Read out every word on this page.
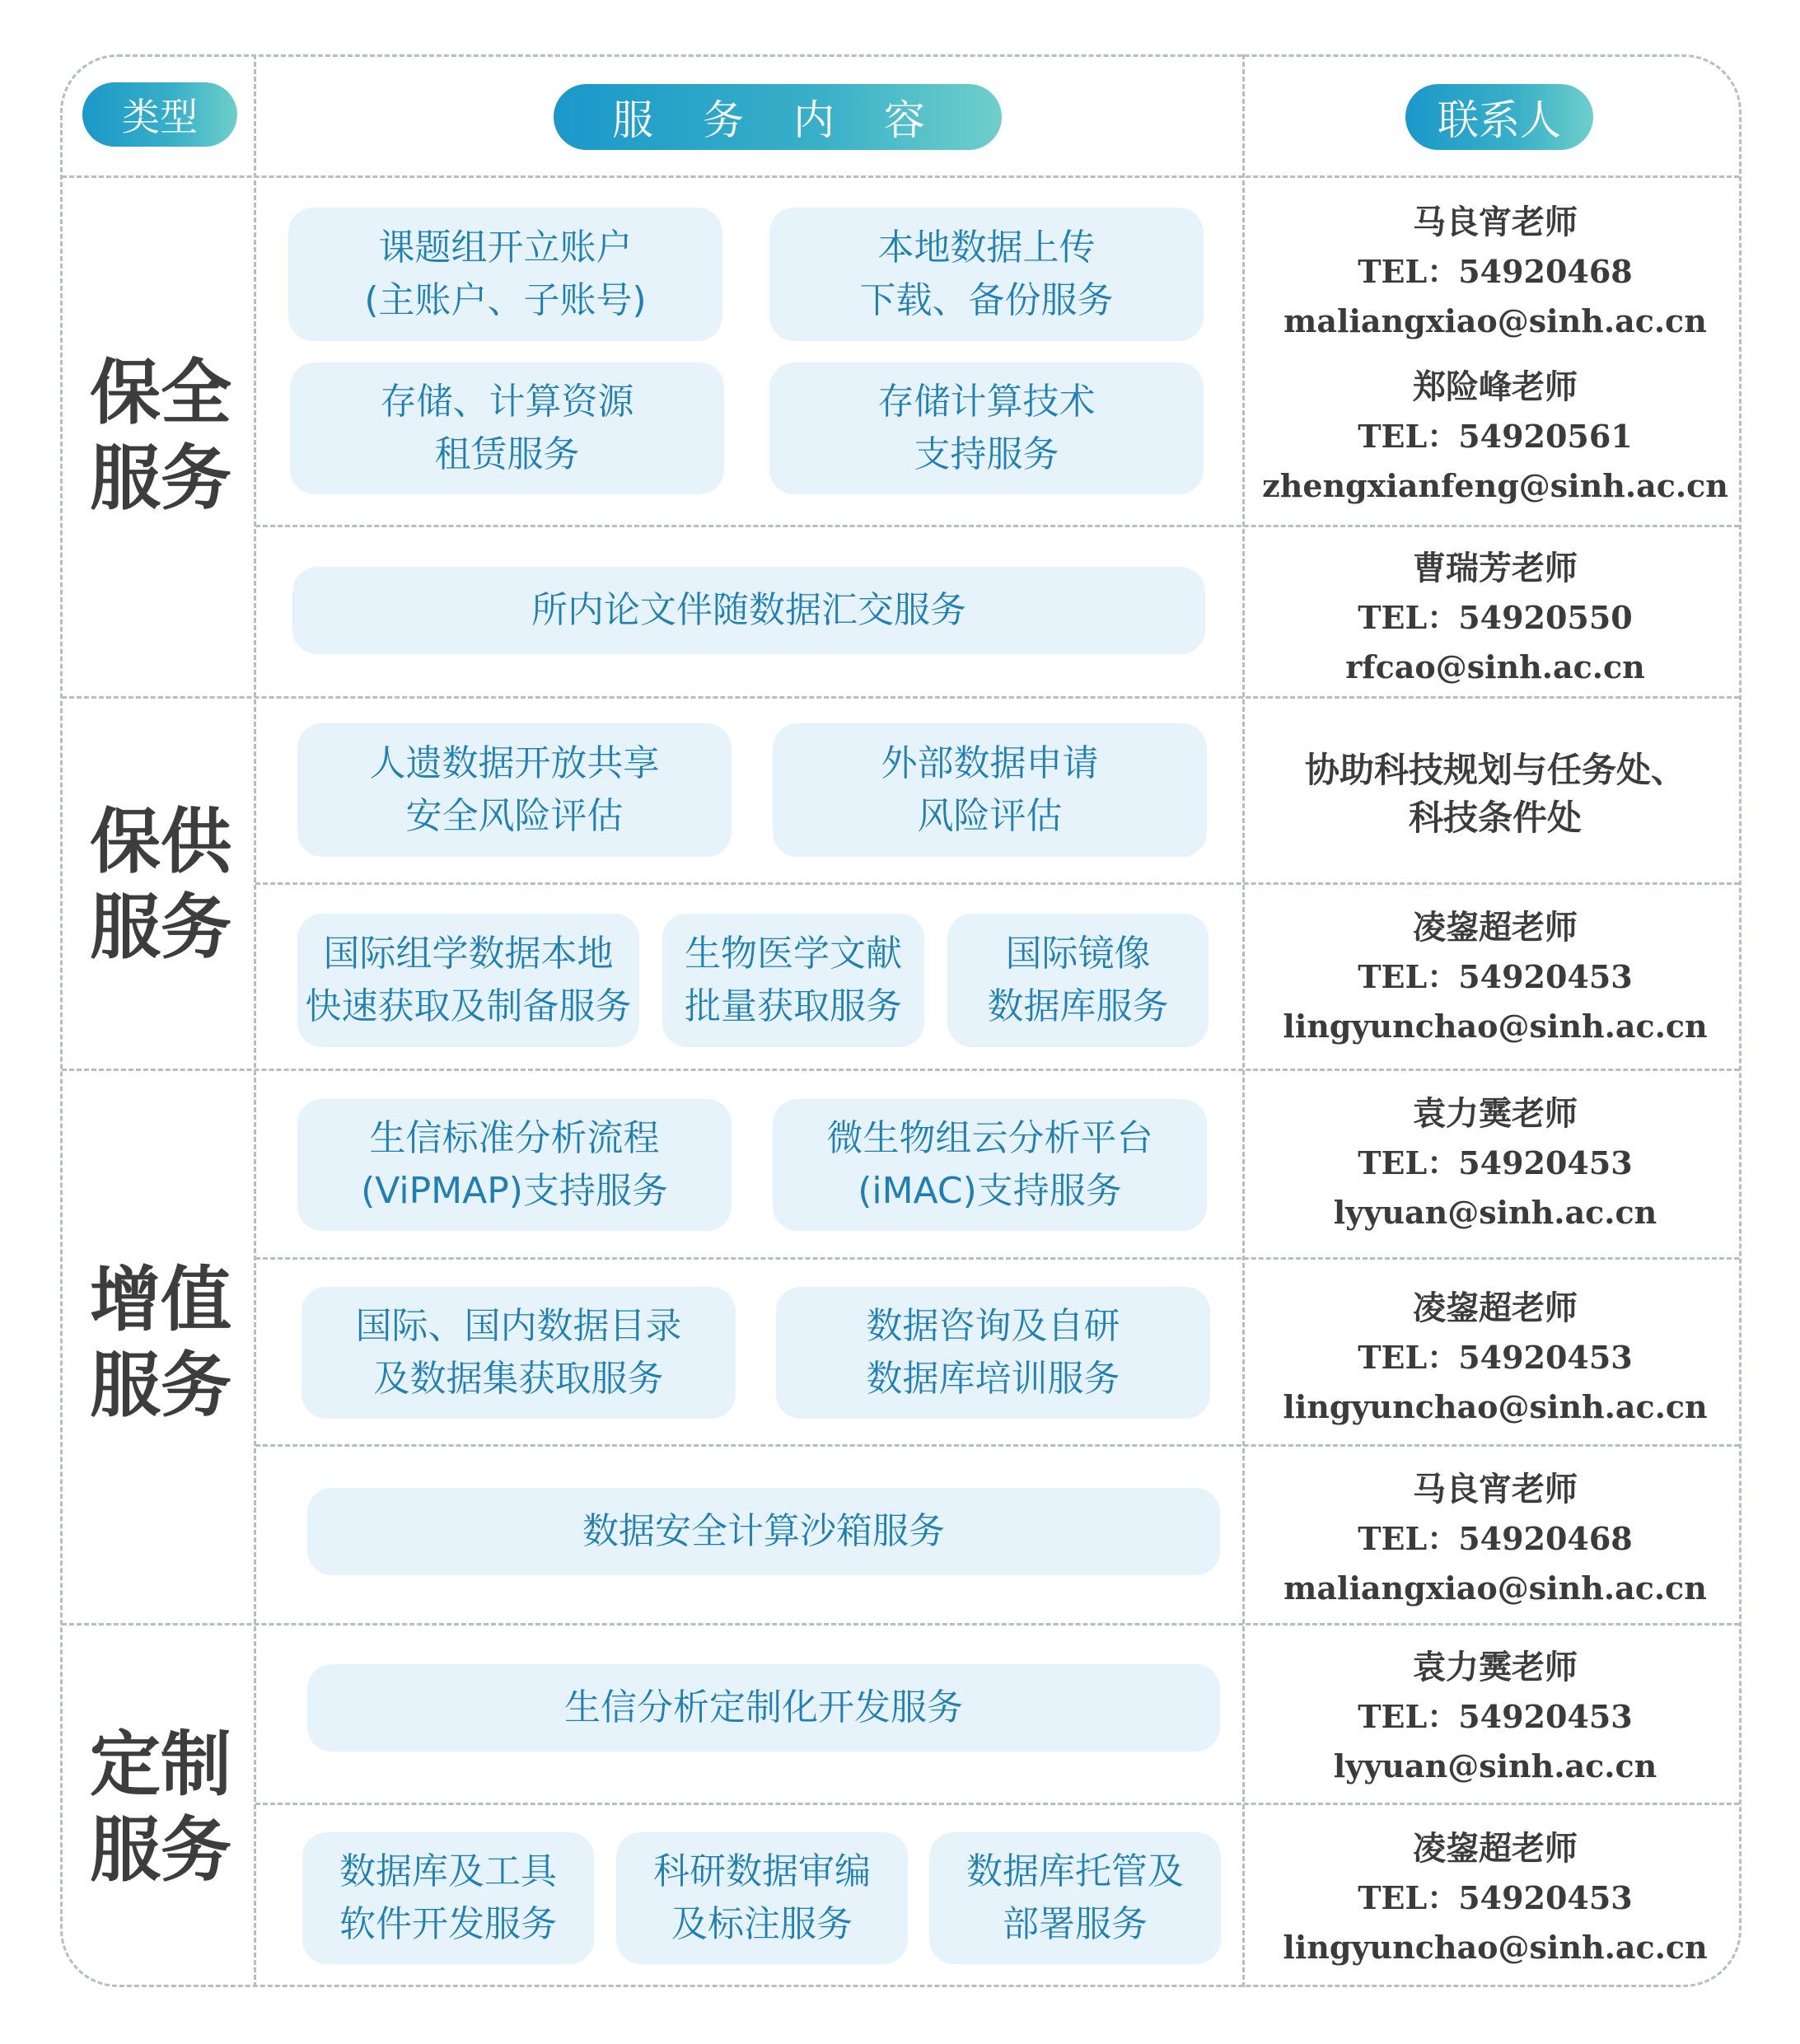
类型	服 务 内 容	联系人
保全
服务
保供
服务
增值
服务
定制
服务
课题组开立账户
(主账户、子账号)
本地数据上传
下载、备份服务
存储、计算资源
租赁服务
存储计算技术
支持服务
所内论文伴随数据汇交服务
人遗数据开放共享
安全风险评估
外部数据申请
风险评估
国际组学数据本地
快速获取及制备服务
生物医学文献
批量获取服务
国际镜像
数据库服务
生信标准分析流程
(ViPMAP)支持服务
微生物组云分析平台
(iMAC)支持服务
国际、国内数据目录
及数据集获取服务
数据咨询及自研
数据库培训服务
数据安全计算沙箱服务
生信分析定制化开发服务
数据库及工具
软件开发服务
科研数据审编
及标注服务
数据库托管及
部署服务
马良宵老师
TEL：54920468
maliangxiao@sinh.ac.cn
郑险峰老师
TEL：54920561
zhengxianfeng@sinh.ac.cn
曹瑞芳老师
TEL：54920550
rfcao@sinh.ac.cn
协助科技规划与任务处、
科技条件处
凌鋆超老师
TEL：54920453
lingyunchao@sinh.ac.cn
袁力霙老师
TEL：54920453
lyyuan@sinh.ac.cn
凌鋆超老师
TEL：54920453
lingyunchao@sinh.ac.cn
马良宵老师
TEL：54920468
maliangxiao@sinh.ac.cn
袁力霙老师
TEL：54920453
lyyuan@sinh.ac.cn
凌鋆超老师
TEL：54920453
lingyunchao@sinh.ac.cn
